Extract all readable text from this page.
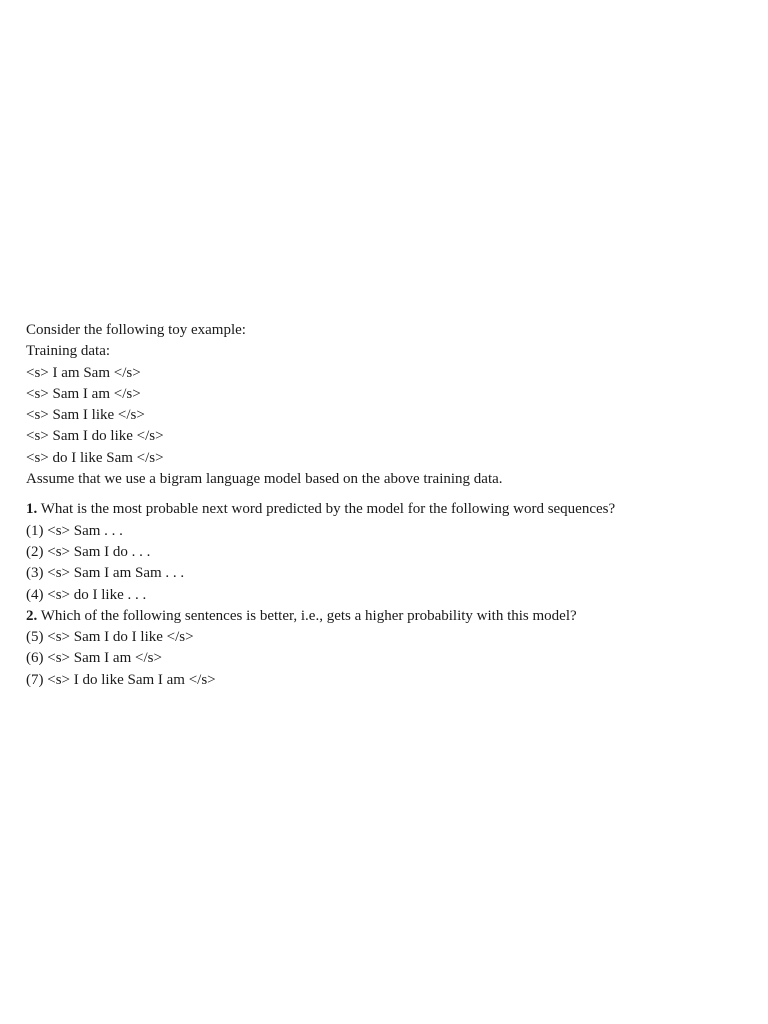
Consider the following toy example:
Training data:
<s> I am Sam </s>
<s> Sam I am </s>
<s> Sam I like </s>
<s> Sam I do like </s>
<s> do I like Sam </s>
Assume that we use a bigram language model based on the above training data.
1. What is the most probable next word predicted by the model for the following word sequences?
(1) <s> Sam . . .
(2) <s> Sam I do . . .
(3) <s> Sam I am Sam . . .
(4) <s> do I like . . .
2. Which of the following sentences is better, i.e., gets a higher probability with this model?
(5) <s> Sam I do I like </s>
(6) <s> Sam I am </s>
(7) <s> I do like Sam I am </s>
